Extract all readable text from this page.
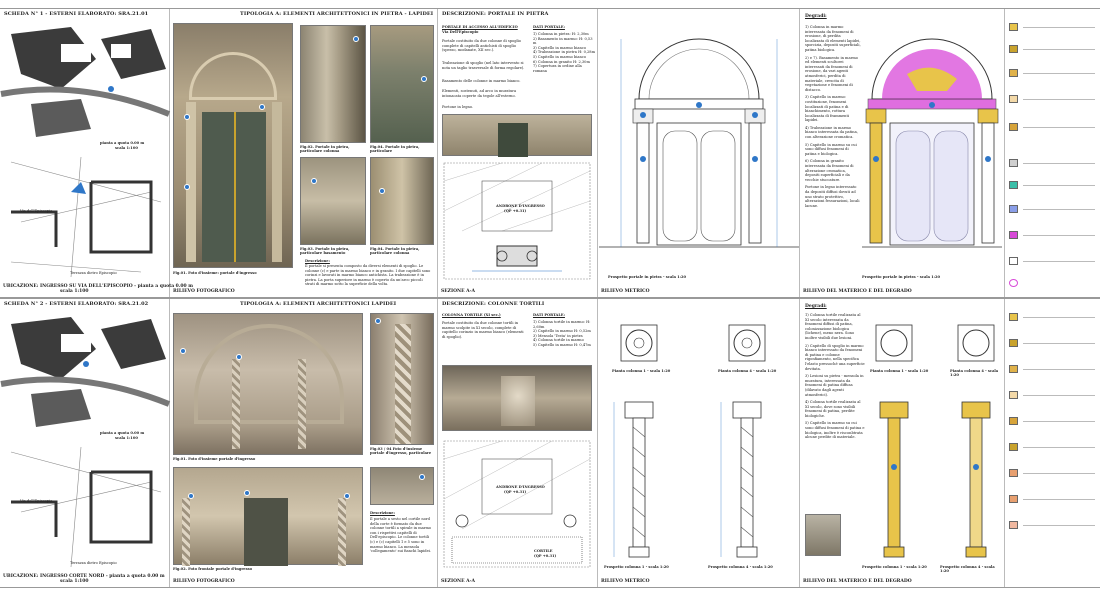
SCHEDA N° 1 - ESTERNI ELABORATO: SRA.21.01
pianta a quota 0.00 m
scala 1:100
Via dell'Episcopio
Terrazza dietro Episcopio
UBICAZIONE: INGRESSO SU VIA DELL'EPISCOPIO - pianta a quota 0.00 m
scala 1:100
TIPOLOGIA A: ELEMENTI ARCHITETTONICI IN PIETRA - LAPIDEI
Fig.01. Foto d'insieme: portale d'ingresso
Fig.02. Portale in pietra, particolare colonna
Fig.04. Portale in pietra, particolare
Fig.03. Portale in pietra, particolare basamento
Fig.04. Portale in pietra, particolare colonna
Descrizione:
Il portale si presenta composto da diversi elementi di spoglio. Le colonne (c) e parte in marmo bianco e in granito. I due capitelli sono corinzi e lavorati in marmo bianco antichista. La trabeazione è in pietra. La porta superiore in marmo è coperto da un'arco piccoli strati di marmo sotto la superficie della volta.
RILIEVO FOTOGRAFICO
DESCRIZIONE: PORTALE IN PIETRA
PORTALE DI ACCESSO ALL'EDIFICIO
Via Dell'Episcopio
Portale costituito da due colonne di spoglio complete di capitelli antichisti di spoglio (spesso, modanate, XII sec.).
Trabeazione di spoglio (nel lato intervento si nota un taglio trasversale di forma regolare).
Basamento delle colonne in marmo bianco.
Elementi, sostenuti, ad arco in muratura intonacata coperte da tegole all'esterno.
Portone in legno.
DATI PORTALE:
1) Colonna in pietra: H: 2,30m
2) Basamento in marmo: H: 0,53 m
3) Capitello in marmo bianco
4) Trabeazione in pietra H: 0,28m
5) Capitello in marmo bianco
6) Colonna in granito H: 2,30m
7) Copertura in ordine alla romana
ANDRONE D'INGRESSO
(QP +0.31)
SEZIONE A-A
Prospetto portale in pietra - scala 1:20
RILIEVO METRICO
Degradi:
1) Colonna in marmo interessata da fenomeni di erosione, di perdita localizzata di elementi lapidei, sporcizia, depositi superficiali, patina biologica.
2) e 7). Basamento in marmo ed elementi scultorei interessati da fenomeni di erosione, da vari agenti atmosferici, perdita di materiale, crescita di vegetazione e fenomeni di distacco.
3) Capitello in marmo: costituzione, fenomeni localizzati di patina e di bianchimento, rottura localizzata di frammenti lapidei.
4) Trabeazione in marmo bianco interessata da patina, con alterazione cromatica.
5) Capitello in marmo su cui sono diffusi fenomeni di patina e biologica.
6) Colonna in granito interessata da fenomeni di alterazione cromatica, depositi superficiali e da vecchie stuccature.
Portone in legno interessato da depositi diffusi dovuti ad uno strato protettivo, alterazioni fessurazioni, locali lacune.
Prospetto portale in pietra - scala 1:20
RILIEVO DEL MATERICO E DEL DEGRADO
SCHEDA N° 2 - ESTERNI ELABORATO: SRA.21.02
pianta a quota 0.00 m
scala 1:100
Via dell'Episcopio
Terrazza dietro Episcopio
UBICAZIONE: INGRESSO CORTE NORD - pianta a quota 0.00 m
scala 1:100
TIPOLOGIA A: ELEMENTI ARCHITETTONICI LAPIDEI
Fig.01. Foto d'insieme portale d'ingresso
Fig.02. Foto frontale portale d'ingresso
Fig.03 / 04 Foto d'insieme portale d'ingresso, particolare
Descrizione:
Il portale a sesto nel cortile nord della corte è formato da due colonne tortili a spirale in marmo con i rispettivi capitelli di Dell'episcopio. Le colonne tortili (c) e (c) capitelli 1 e 5 sono in marmo bianco. La mensola 'collegamento' sui fianchi lapidei.
RILIEVO FOTOGRAFICO
DESCRIZIONE: COLONNE TORTILI
COLONNA TORTILE (XI sec.)
Portale costituito da due colonne tortili in marmo scolpite in XI secolo, complete di capitello corinzio in marmo bianco (elementi di spoglio).
DATI PORTALE:
1) Colonna tortile in marmo: H: 2,60m
2) Capitello in marmo H: 0,52m
3) Mensola 'Testa' in pietra
4) Colonna tortile in marmo
5) Capitello in marmo H: 0,47m
ANDRONE D'INGRESSO
(QP +0.31)
CORTILE
(QP +0.31)
SEZIONE A-A
Pianta colonna 1 - scala 1:20	Pianta colonna 4 - scala 1:20
Prospetto colonna 1 - scala 1:20	Prospetto colonna 4 - scala 1:20
RILIEVO METRICO
Degradi:
1) Colonna tortile realizzata al XI secolo interessata da fenomeni diffusi di patina, colonizzazione biologica (lichene), meno nera. Sono inoltre visibili due lesioni.
2) Capitello di spoglio in marmo bianco interessato da fenomeni di patina e colonne rigonfiamento, nella specifica l'elasto pressoché una superficie devitata.
3) Lesioni su pietra - mensola in muratura, interessata da fenomeni di patina diffusa (dilavato dagli agenti atmosferici).
4) Colonna tortile realizzata al XI secolo, dove sono visibili fenomeni di patina, perdite biologiche.
5) Capitello in marmo su cui sono diffusi fenomeni di patina e biologica, inoltre è risconbtrata alcune perdite di materiale.
Pianta colonna 1 - scala 1:20	Pianta colonna 4 - scala 1:20
Prospetto colonna 1 - scala 1:20	Prospetto colonna 4 - scala 1:20
RILIEVO DEL MATERICO E DEL DEGRADO
